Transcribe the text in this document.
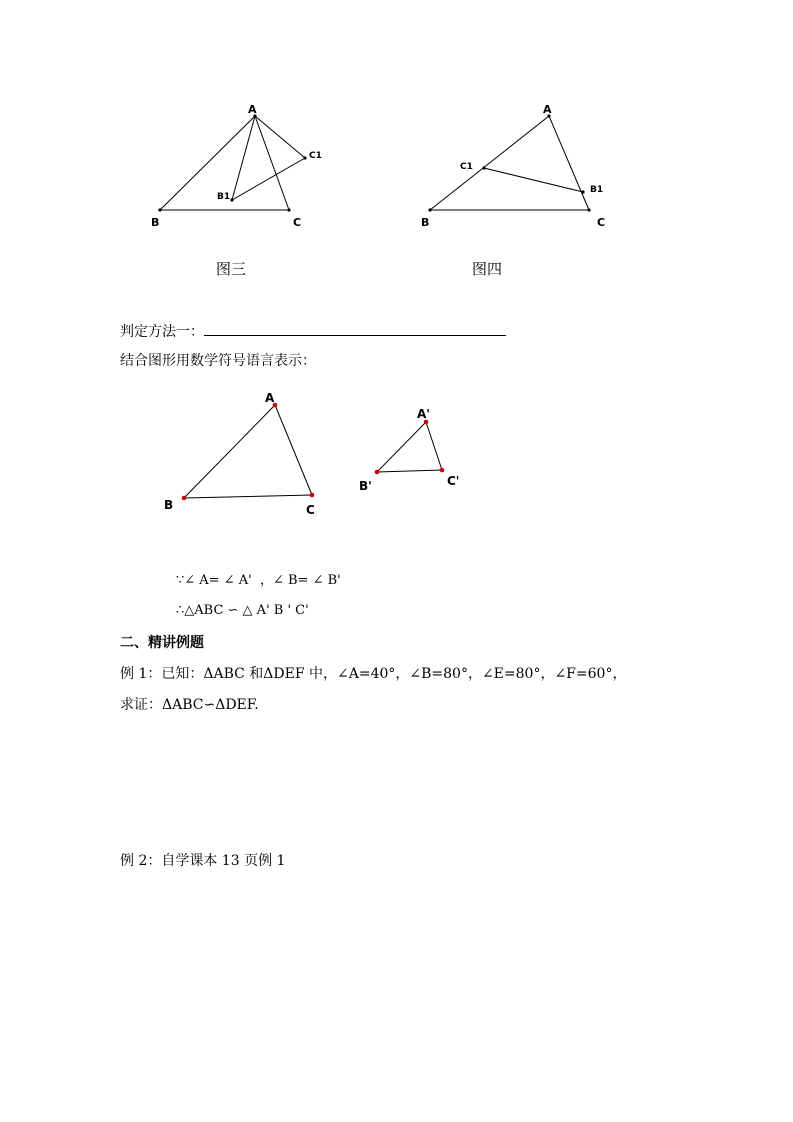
A
B	C
B1
C1
A
B	C
C1
B1
A
B	C
A'
B'	C'
图三	图四
判定方法一：
结合图形用数学符号语言表示：
∵∠ A= ∠ A'  ，∠ B= ∠ B'
∴△ABC ∽ △ A' B ' C'
二、精讲例题
例 1：已知：ΔABC 和ΔDEF 中，∠A=40°，∠B=80°，∠E=80°，∠F=60°，
求证：ΔABC∽ΔDEF.
例 2：自学课本 13 页例 1
